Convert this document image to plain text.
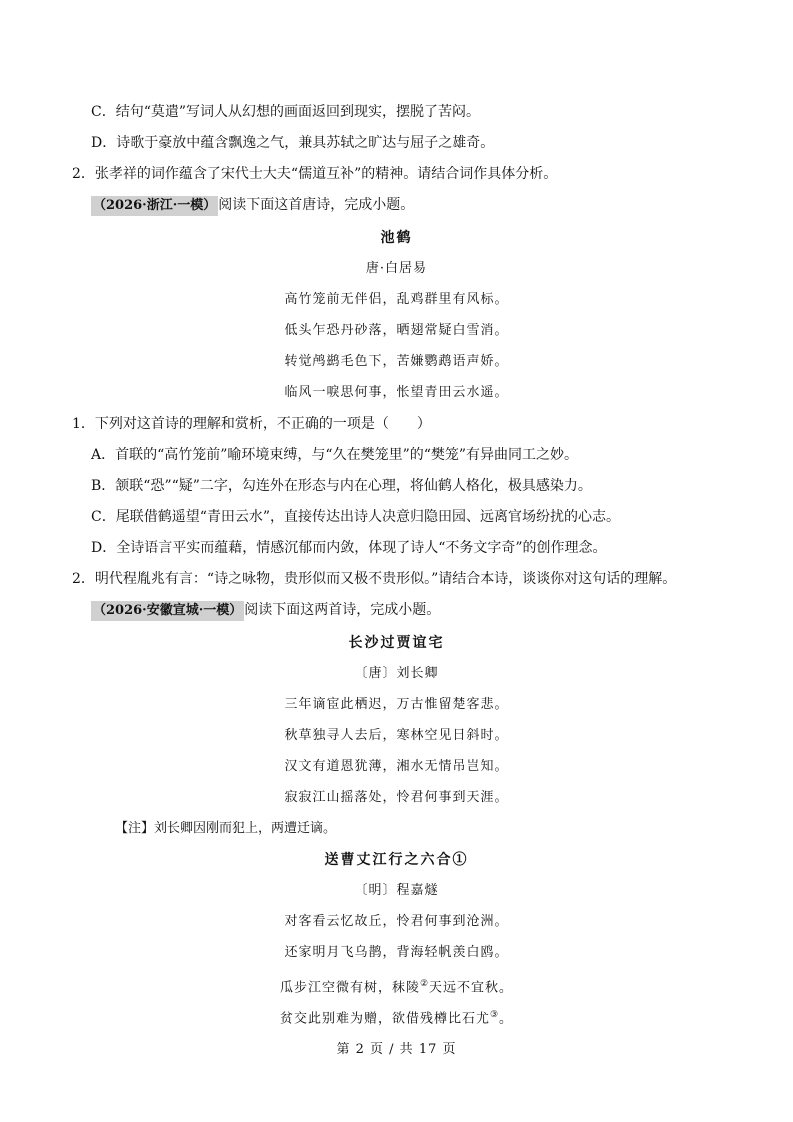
C．结句“莫遣”写词人从幻想的画面返回到现实，摆脱了苦闷。
D．诗歌于豪放中蕴含飘逸之气，兼具苏轼之旷达与屈子之雄奇。
2．张孝祥的词作蕴含了宋代士大夫“儒道互补”的精神。请结合词作具体分析。
（2026·浙江·一模） 阅读下面这首唐诗，完成小题。
池鹤
唐·白居易
高竹笼前无伴侣，乱鸡群里有风标。
低头乍恐丹砂落，晒翅常疑白雪消。
转觉鸬鹚毛色下，苦嫌鹦鹉语声娇。
临风一唳思何事，怅望青田云水遥。
1．下列对这首诗的理解和赏析，不正确的一项是（　　）
A．首联的“高竹笼前”喻环境束缚，与“久在樊笼里”的“樊笼”有异曲同工之妙。
B．颔联“恐”“疑”二字，勾连外在形态与内在心理，将仙鹤人格化，极具感染力。
C．尾联借鹤遥望“青田云水”，直接传达出诗人决意归隐田园、远离官场纷扰的心志。
D．全诗语言平实而蕴藉，情感沉郁而内敛，体现了诗人“不务文字奇”的创作理念。
2．明代程胤兆有言：“诗之咏物，贵形似而又极不贵形似。”请结合本诗，谈谈你对这句话的理解。
（2026·安徽宣城·一模） 阅读下面这两首诗，完成小题。
长沙过贾谊宅
〔唐〕刘长卿
三年谪宦此栖迟，万古惟留楚客悲。
秋草独寻人去后，寒林空见日斜时。
汉文有道恩犹薄，湘水无情吊岂知。
寂寂江山摇落处，怜君何事到天涯。
【注】刘长卿因刚而犯上，两遭迁谪。
送曹丈江行之六合①
〔明〕程嘉燧
对客看云忆故丘，怜君何事到沧洲。
还家明月飞乌鹊，背海轻帆羡白鸥。
瓜步江空微有树，秣陵②天远不宜秋。
贫交此别难为赠，欲借残樽比石尤③。
第 2 页 / 共 17 页
